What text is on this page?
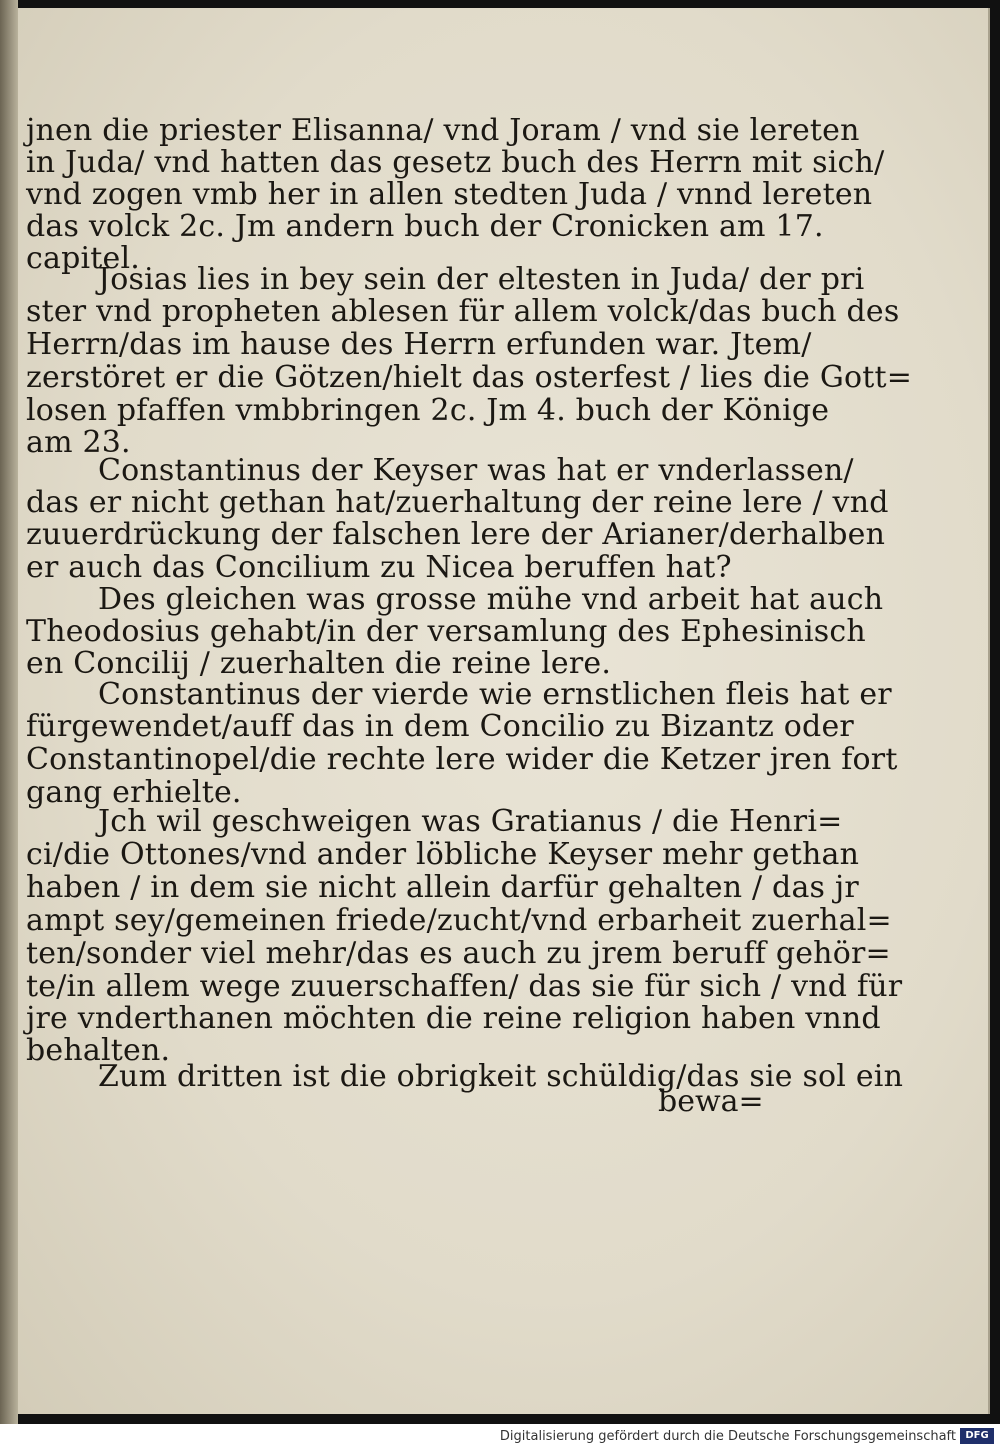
jnen die priester Elisanna/ vnd Joram / vnd sie lereten
in Juda/ vnd hatten das gesetz buch des Herrn mit sich/
vnd zogen vmb her in allen stedten Juda / vnnd lereten
das volck 2c. Jm andern buch der Cronicken am 17.
capitel.
Josias lies in bey sein der eltesten in Juda/ der pri
ster vnd propheten ablesen für allem volck/das buch des
Herrn/das im hause des Herrn erfunden war. Jtem/
zerstöret er die Götzen/hielt das osterfest / lies die Gott=
losen pfaffen vmbbringen 2c. Jm 4. buch der Könige
am 23.
Constantinus der Keyser was hat er vnderlassen/
das er nicht gethan hat/zuerhaltung der reine lere / vnd
zuuerdrückung der falschen lere der Arianer/derhalben
er auch das Concilium zu Nicea beruffen hat?
Des gleichen was grosse mühe vnd arbeit hat auch
Theodosius gehabt/in der versamlung des Ephesinisch
en Concilij / zuerhalten die reine lere.
Constantinus der vierde wie ernstlichen fleis hat er
fürgewendet/auff das in dem Concilio zu Bizantz oder
Constantinopel/die rechte lere wider die Ketzer jren fort
gang erhielte.
Jch wil geschweigen was Gratianus / die Henri=
ci/die Ottones/vnd ander löbliche Keyser mehr gethan
haben / in dem sie nicht allein darfür gehalten / das jr
ampt sey/gemeinen friede/zucht/vnd erbarheit zuerhal=
ten/sonder viel mehr/das es auch zu jrem beruff gehör=
te/in allem wege zuuerschaffen/ das sie für sich / vnd für
jre vnderthanen möchten die reine religion haben vnnd
behalten.
Zum dritten ist die obrigkeit schüldig/das sie sol ein
bewa=
Digitalisierung gefördert durch die Deutsche Forschungsgemeinschaft DFG
